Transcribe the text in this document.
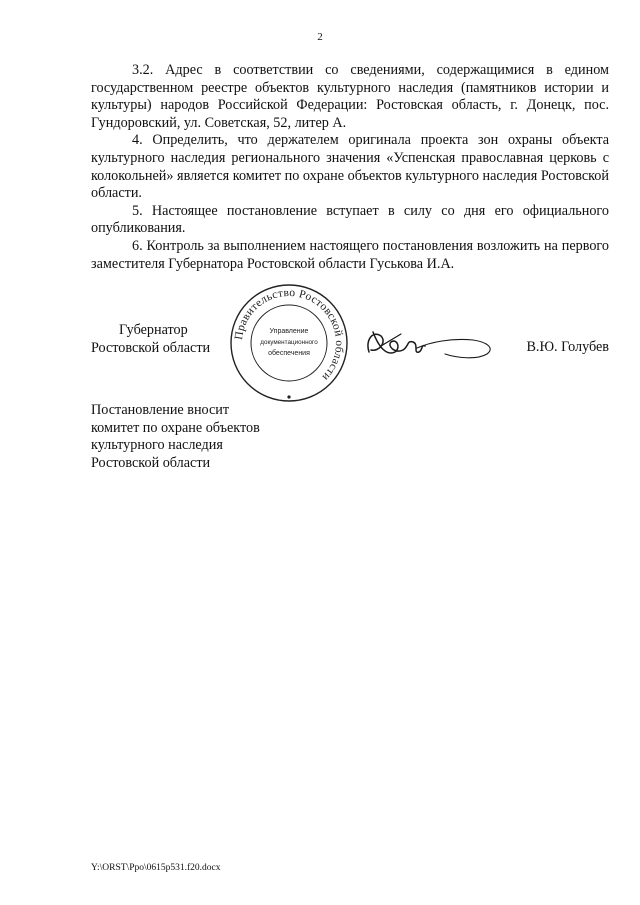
2

3.2. Адрес в соответствии со сведениями, содержащимися в едином государственном реестре объектов культурного наследия (памятников истории и культуры) народов Российской Федерации: Ростовская область, г. Донецк, пос. Гундоровский, ул. Советская, 52, литер А.

4. Определить, что держателем оригинала проекта зон охраны объекта культурного наследия регионального значения «Успенская православная церковь с колокольней» является комитет по охране объектов культурного наследия Ростовской области.

5. Настоящее постановление вступает в силу со дня его официального опубликования.

6. Контроль за выполнением настоящего постановления возложить на первого заместителя Губернатора Ростовской области Гуськова И.А.

Губернатор
Ростовской области
Правительство Ростовской области
Управление
документационного
обеспечения	В.Ю. Голубев
Постановление вносит
комитет по охране объектов
культурного наследия
Ростовской области
Y:\ORST\Ppo\0615p531.f20.docx
